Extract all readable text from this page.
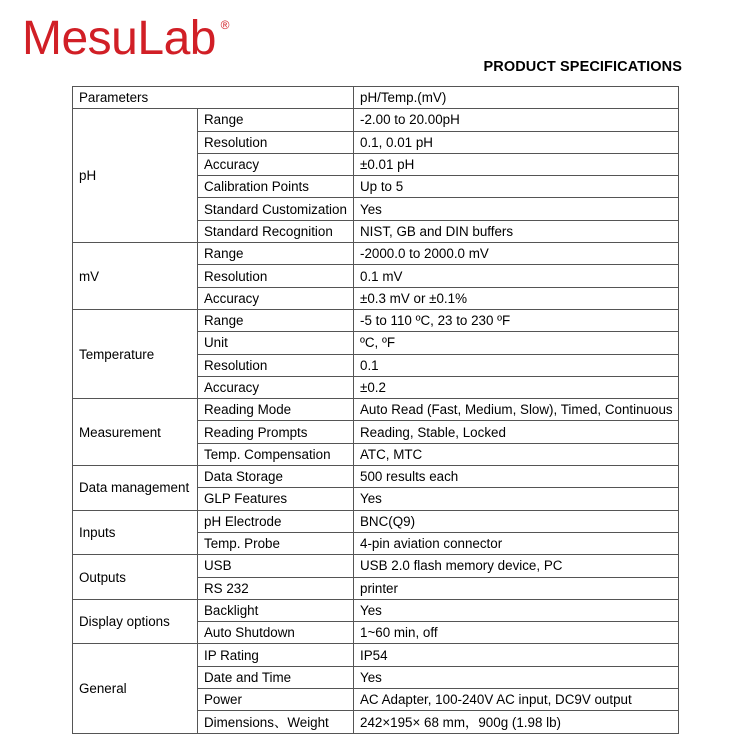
MesuLab ®
PRODUCT SPECIFICATIONS
Parameters		pH/Temp.(mV)
pH	Range	-2.00 to 20.00pH
	Resolution	0.1, 0.01 pH
	Accuracy	±0.01 pH
	Calibration Points	Up to 5
	Standard Customization	Yes
	Standard Recognition	NIST, GB and DIN buffers
mV	Range	-2000.0 to 2000.0 mV
	Resolution	0.1 mV
	Accuracy	±0.3 mV or ±0.1%
Temperature	Range	-5 to 110 ºC, 23 to 230 ºF
	Unit	ºC, ºF
	Resolution	0.1
	Accuracy	±0.2
Measurement	Reading Mode	Auto Read (Fast, Medium, Slow), Timed, Continuous
	Reading Prompts	Reading, Stable, Locked
	Temp. Compensation	ATC, MTC
Data management	Data Storage	500 results each
	GLP Features	Yes
Inputs	pH Electrode	BNC(Q9)
	Temp. Probe	4-pin aviation connector
Outputs	USB	USB 2.0 flash memory device, PC
	RS 232	printer
Display options	Backlight	Yes
	Auto Shutdown	1~60 min, off
General	IP Rating	IP54
	Date and Time	Yes
	Power	AC Adapter, 100-240V AC input, DC9V output
	Dimensions、Weight	242×195× 68 mm，900g (1.98 lb)
